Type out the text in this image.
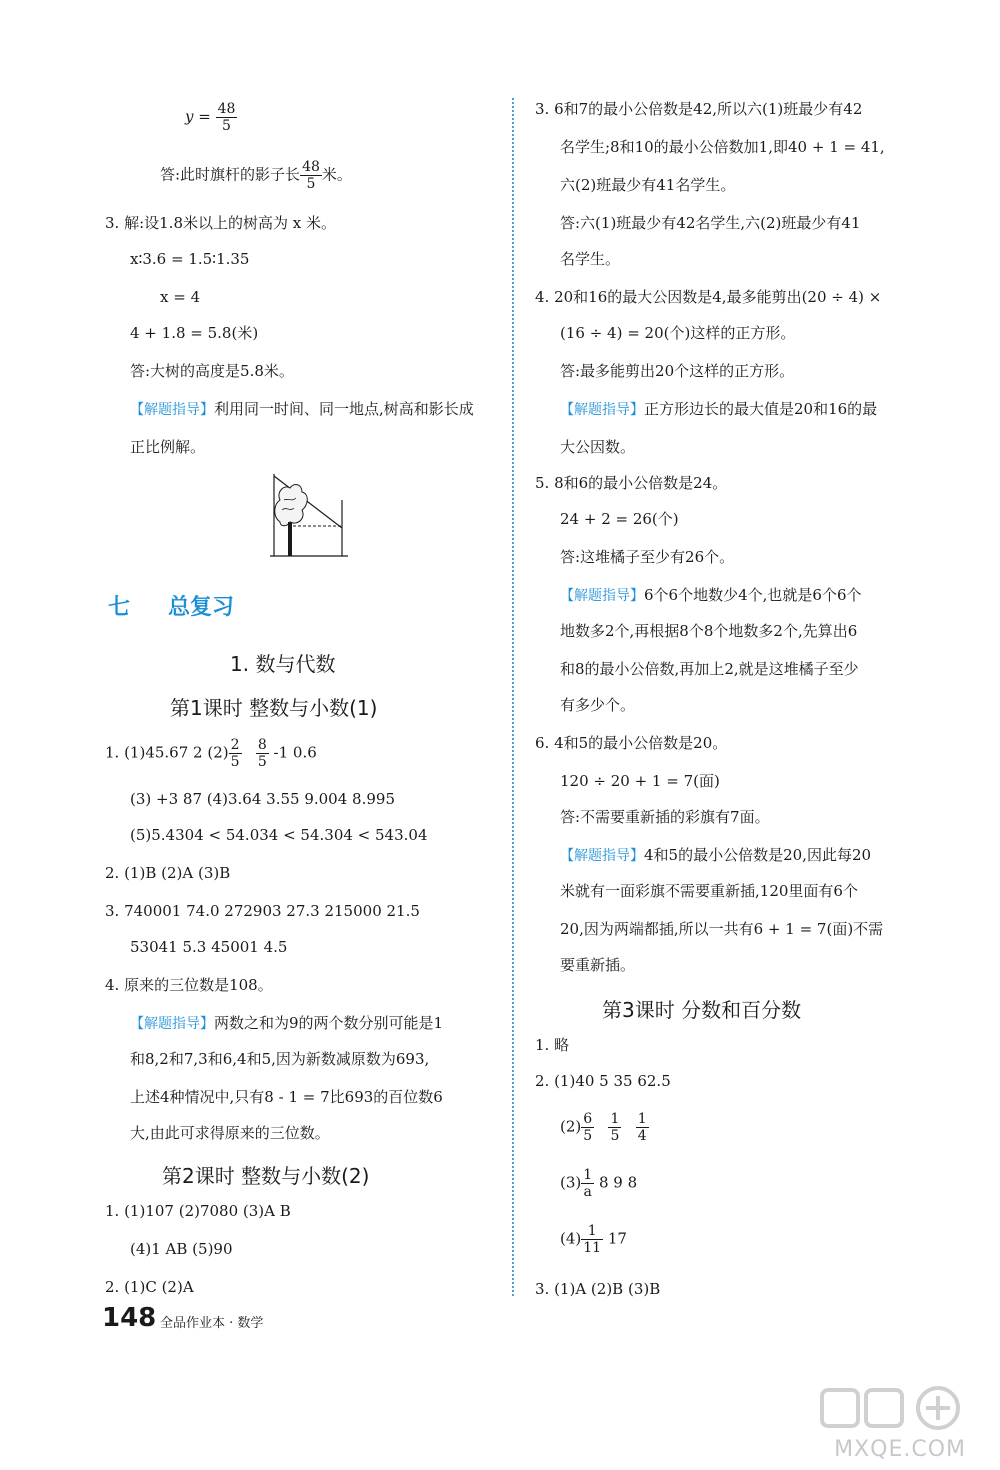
$y = \frac{48}{5}$
答:此时旗杆的影子长 $\frac{48}{5}$ 米。
3. 解:设1.8米以上的树高为 x 米。
x∶3.6 = 1.5∶1.35
x = 4
4 + 1.8 = 5.8(米)
答:大树的高度是5.8米。
【解题指导】利用同一时间、同一地点,树高和影长成
正比例解。
七 总复习
1. 数与代数
第1课时 整数与小数(1)
1. (1)45.67 2 $(2) \frac{2}{5}$
$\frac{8}{5} -1$ 0.6
(3) +3 87 (4)3.64 3.55 9.004 8.995
(5)5.4304 < 54.034 < 54.304 < 543.04
2. (1)B (2)A (3)B
3. 740001 74.0 272903 27.3 215000 21.5
53041 5.3 45001 4.5
4. 原来的三位数是108。
【解题指导】两数之和为9的两个数分别可能是1
和8,2和7,3和6,4和5,因为新数减原数为693,
上述4种情况中,只有8 - 1 = 7比693的百位数6
大,由此可求得原来的三位数。
第2课时 整数与小数(2)
1. (1)107 (2)7080 (3)A B
(4)1 AB (5)90
2. (1)C (2)A
3. 6和7的最小公倍数是42,所以六(1)班最少有42
名学生;8和10的最小公倍数加1,即40 + 1 = 41,
六(2)班最少有41名学生。
答:六(1)班最少有42名学生,六(2)班最少有41
名学生。
4. 20和16的最大公因数是4,最多能剪出(20 ÷ 4) ×
(16 ÷ 4) = 20(个)这样的正方形。
答:最多能剪出20个这样的正方形。
【解题指导】正方形边长的最大值是20和16的最
大公因数。
5. 8和6的最小公倍数是24。
24 + 2 = 26(个)
答:这堆橘子至少有26个。
【解题指导】6个6个地数少4个,也就是6个6个
地数多2个,再根据8个8个地数多2个,先算出6
和8的最小公倍数,再加上2,就是这堆橘子至少
有多少个。
6. 4和5的最小公倍数是20。
120 ÷ 20 + 1 = 7(面)
答:不需要重新插的彩旗有7面。
【解题指导】4和5的最小公倍数是20,因此每20
米就有一面彩旗不需要重新插,120里面有6个
20,因为两端都插,所以一共有6 + 1 = 7(面)不需
要重新插。
第3课时 分数和百分数
1. 略
2. (1)40 5 35 62.5
$(2) \frac{6}{5}$
$\frac{1}{5}$
$\frac{1}{4}$
$(3) \frac{1}{a} 8$ 9 8
$(4) \frac{1}{11} 17$
3. (1)A (2)B (3)B
148 全品作业本 · 数学
MXQE.COM
